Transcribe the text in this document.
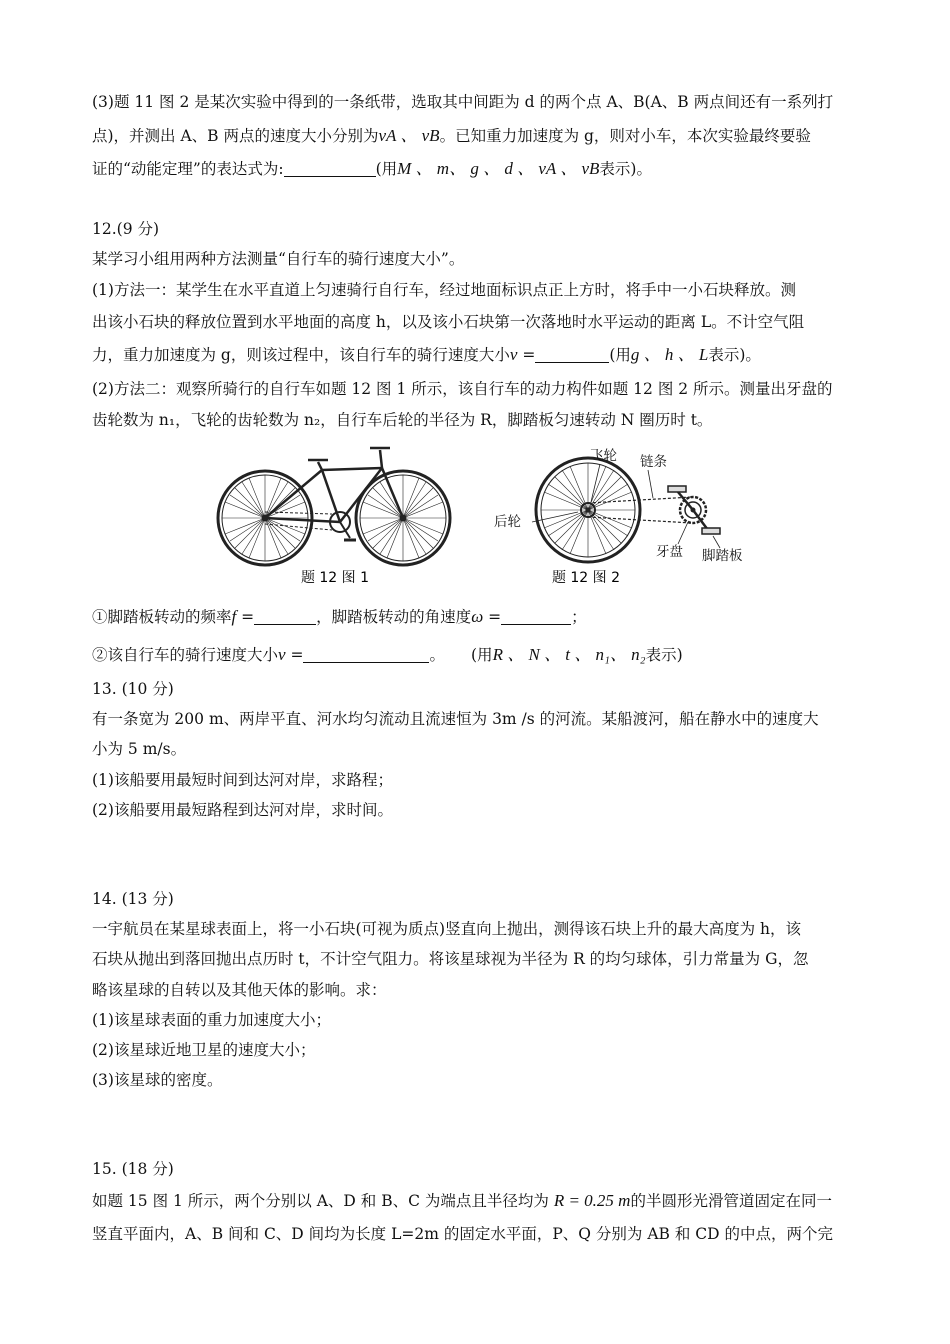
(3)题 11 图 2 是某次实验中得到的一条纸带，选取其中间距为 d 的两个点 A、B(A、B 两点间还有一系列打
点)，并测出 A、B 两点的速度大小分别为vA 、 vB。已知重力加速度为 g，则对小车，本次实验最终要验
证的“动能定理”的表达式为:	(用M 、 m、 g 、 d 、 vA 、 vB表示)。
12.(9 分)
某学习小组用两种方法测量“自行车的骑行速度大小”。
(1)方法一：某学生在水平直道上匀速骑行自行车，经过地面标识点正上方时，将手中一小石块释放。测
出该小石块的释放位置到水平地面的高度 h，以及该小石块第一次落地时水平运动的距离 L。不计空气阻
力，重力加速度为 g，则该过程中，该自行车的骑行速度大小v =	(用g 、 h 、 L表示)。
(2)方法二：观察所骑行的自行车如题 12 图 1 所示，该自行车的动力构件如题 12 图 2 所示。测量出牙盘的
齿轮数为 n₁，飞轮的齿轮数为 n₂，自行车后轮的半径为 R，脚踏板匀速转动 N 圈历时 t。
题 12 图 1
飞轮 链条
后轮
牙盘 脚踏板
题 12 图 2
①脚踏板转动的频率f =	，脚踏板转动的角速度ω =	；
②该自行车的骑行速度大小v =	。 (用R 、 N 、 t 、 n₁、 n₂表示)
13. (10 分)
有一条宽为 200 m、两岸平直、河水均匀流动且流速恒为 3m /s 的河流。某船渡河，船在静水中的速度大
小为 5 m/s。
(1)该船要用最短时间到达河对岸，求路程；
(2)该船要用最短路程到达河对岸，求时间。
14. (13 分)
一宇航员在某星球表面上，将一小石块(可视为质点)竖直向上抛出，测得该石块上升的最大高度为 h，该
石块从抛出到落回抛出点历时 t，不计空气阻力。将该星球视为半径为 R 的均匀球体，引力常量为 G，忽
略该星球的自转以及其他天体的影响。求：
(1)该星球表面的重力加速度大小；
(2)该星球近地卫星的速度大小；
(3)该星球的密度。
15. (18 分)
如题 15 图 1 所示，两个分别以 A、D 和 B、C 为端点且半径均为 R = 0.25 m的半圆形光滑管道固定在同一
竖直平面内，A、B 间和 C、D 间均为长度 L=2m 的固定水平面，P、Q 分别为 AB 和 CD 的中点，两个完
